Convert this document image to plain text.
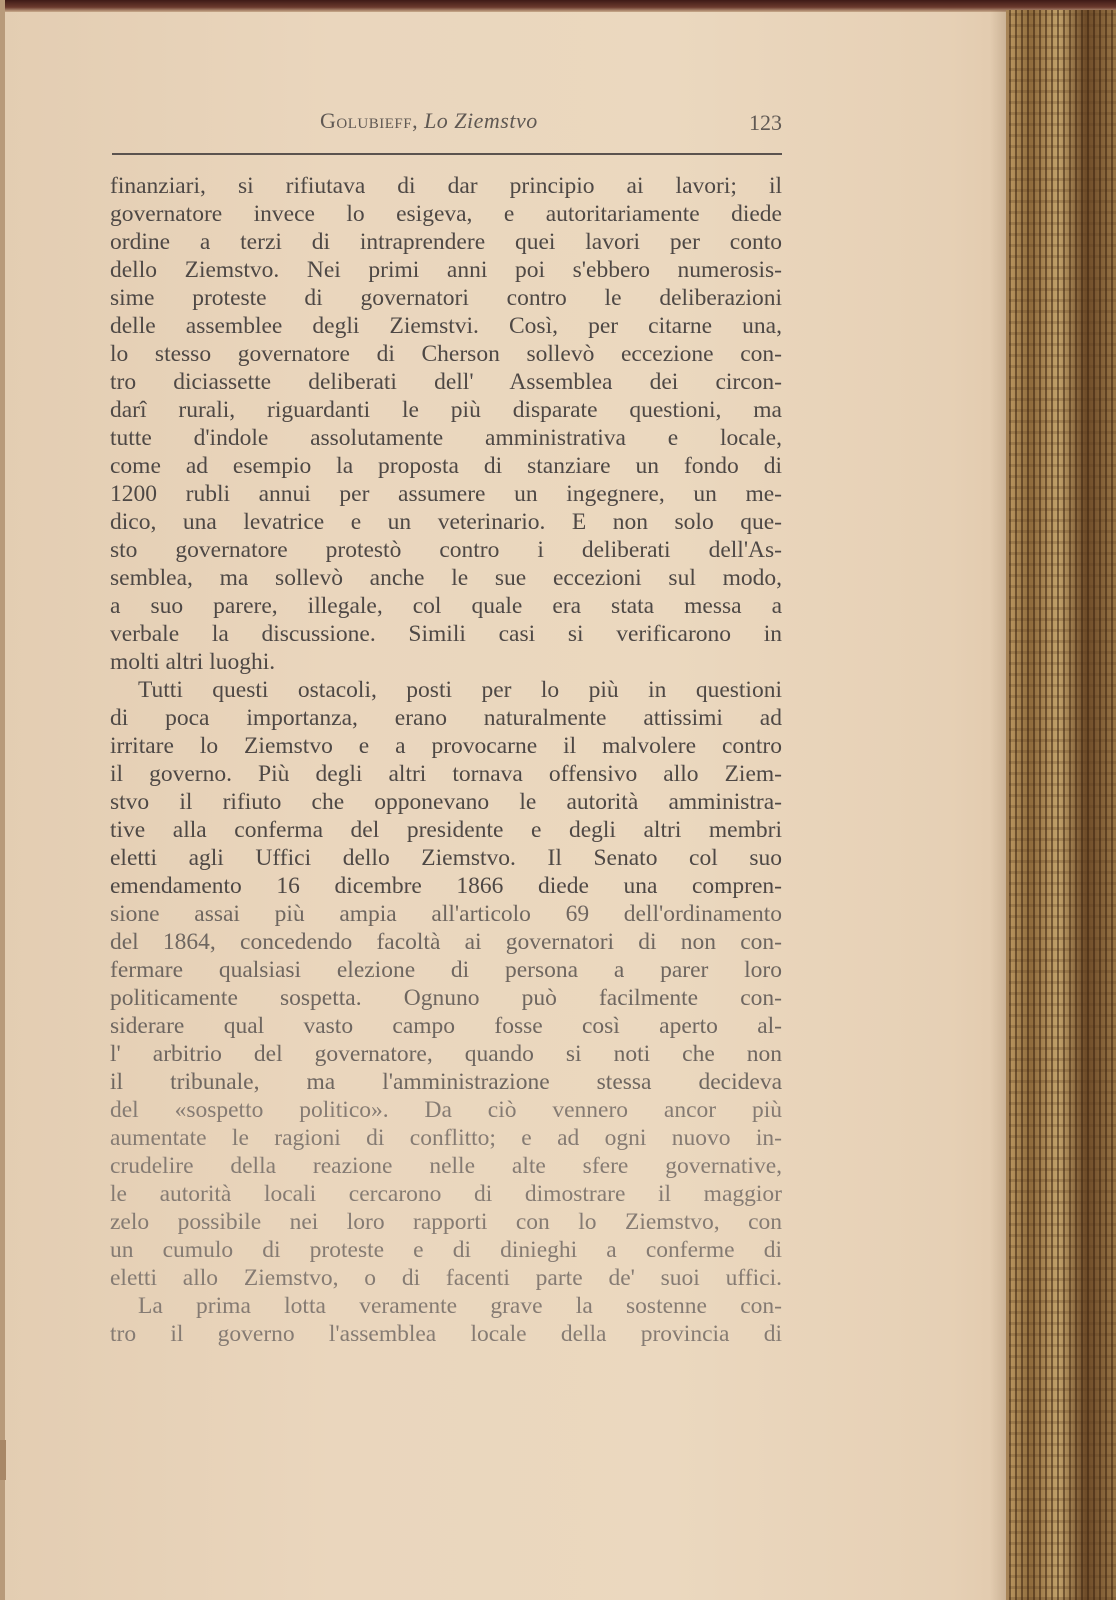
Golubieff, Lo Ziemstvo	123
finanziari, si rifiutava di dar principio ai lavori; il
governatore invece lo esigeva, e autoritariamente diede
ordine a terzi di intraprendere quei lavori per conto
dello Ziemstvo. Nei primi anni poi s'ebbero numerosis-
sime proteste di governatori contro le deliberazioni
delle assemblee degli Ziemstvi. Così, per citarne una,
lo stesso governatore di Cherson sollevò eccezione con-
tro diciassette deliberati dell' Assemblea dei circon-
darî rurali, riguardanti le più disparate questioni, ma
tutte d'indole assolutamente amministrativa e locale,
come ad esempio la proposta di stanziare un fondo di
1200 rubli annui per assumere un ingegnere, un me-
dico, una levatrice e un veterinario. E non solo que-
sto governatore protestò contro i deliberati dell'As-
semblea, ma sollevò anche le sue eccezioni sul modo,
a suo parere, illegale, col quale era stata messa a
verbale la discussione. Simili casi si verificarono in
molti altri luoghi.
Tutti questi ostacoli, posti per lo più in questioni
di poca importanza, erano naturalmente attissimi ad
irritare lo Ziemstvo e a provocarne il malvolere contro
il governo. Più degli altri tornava offensivo allo Ziem-
stvo il rifiuto che opponevano le autorità amministra-
tive alla conferma del presidente e degli altri membri
eletti agli Uffici dello Ziemstvo. Il Senato col suo
emendamento 16 dicembre 1866 diede una compren-
sione assai più ampia all'articolo 69 dell'ordinamento
del 1864, concedendo facoltà ai governatori di non con-
fermare qualsiasi elezione di persona a parer loro
politicamente sospetta. Ognuno può facilmente con-
siderare qual vasto campo fosse così aperto al-
l' arbitrio del governatore, quando si noti che non
il tribunale, ma l'amministrazione stessa decideva
del «sospetto politico». Da ciò vennero ancor più
aumentate le ragioni di conflitto; e ad ogni nuovo in-
crudelire della reazione nelle alte sfere governative,
le autorità locali cercarono di dimostrare il maggior
zelo possibile nei loro rapporti con lo Ziemstvo, con
un cumulo di proteste e di dinieghi a conferme di
eletti allo Ziemstvo, o di facenti parte de' suoi uffici.
La prima lotta veramente grave la sostenne con-
tro il governo l'assemblea locale della provincia di
